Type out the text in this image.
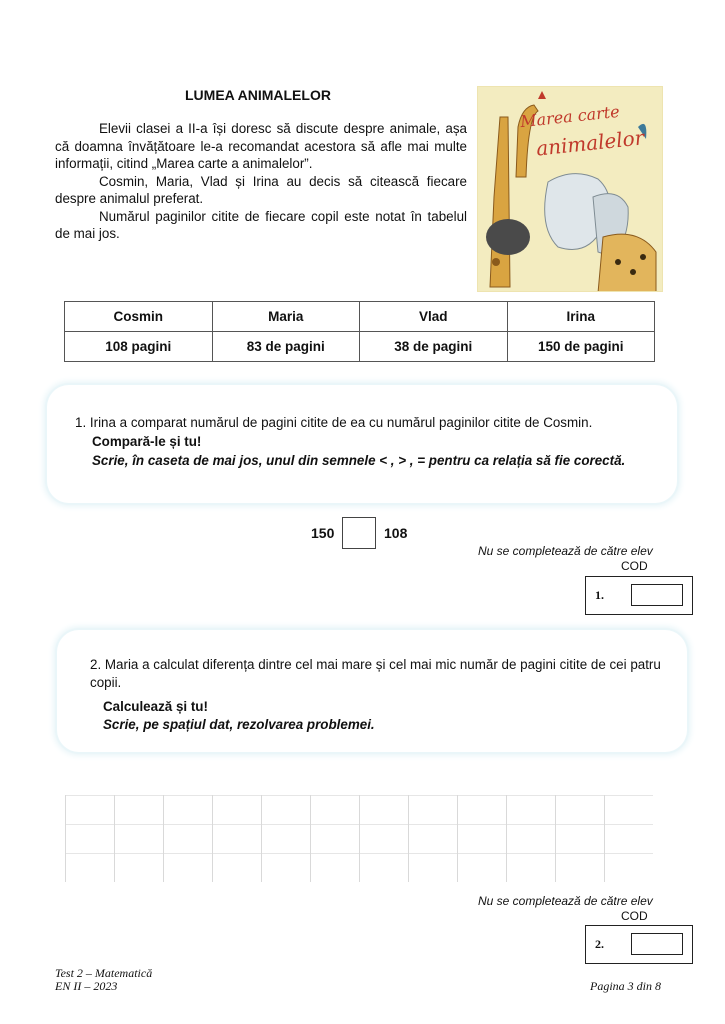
LUMEA ANIMALELOR

Elevii clasei a II-a își doresc să discute despre animale, așa că doamna învățătoare le-a recomandat acestora să afle mai multe informații, citind „Marea carte a animalelor”.

Cosmin, Maria, Vlad și Irina au decis să citească fiecare despre animalul preferat.

Numărul paginilor citite de fiecare copil este notat în tabelul de mai jos.

Marea carte
animalelor
Cosmin	Maria	Vlad	Irina
108 pagini	83 de pagini	38 de pagini	150 de pagini
1. Irina a comparat numărul de pagini citite de ea cu numărul paginilor citite de Cosmin.
Compară-le și tu!
Scrie, în caseta de mai jos, unul din semnele < , > , = pentru ca relația să fie corectă.
150	108
Nu se completează de către elev
COD
1.
2. Maria a calculat diferența dintre cel mai mare și cel mai mic număr de pagini citite de cei patru copii.
Calculează și tu!
Scrie, pe spațiul dat, rezolvarea problemei.
Nu se completează de către elev
COD
2.
Test 2 – Matematică
EN II – 2023	Pagina 3 din 8
